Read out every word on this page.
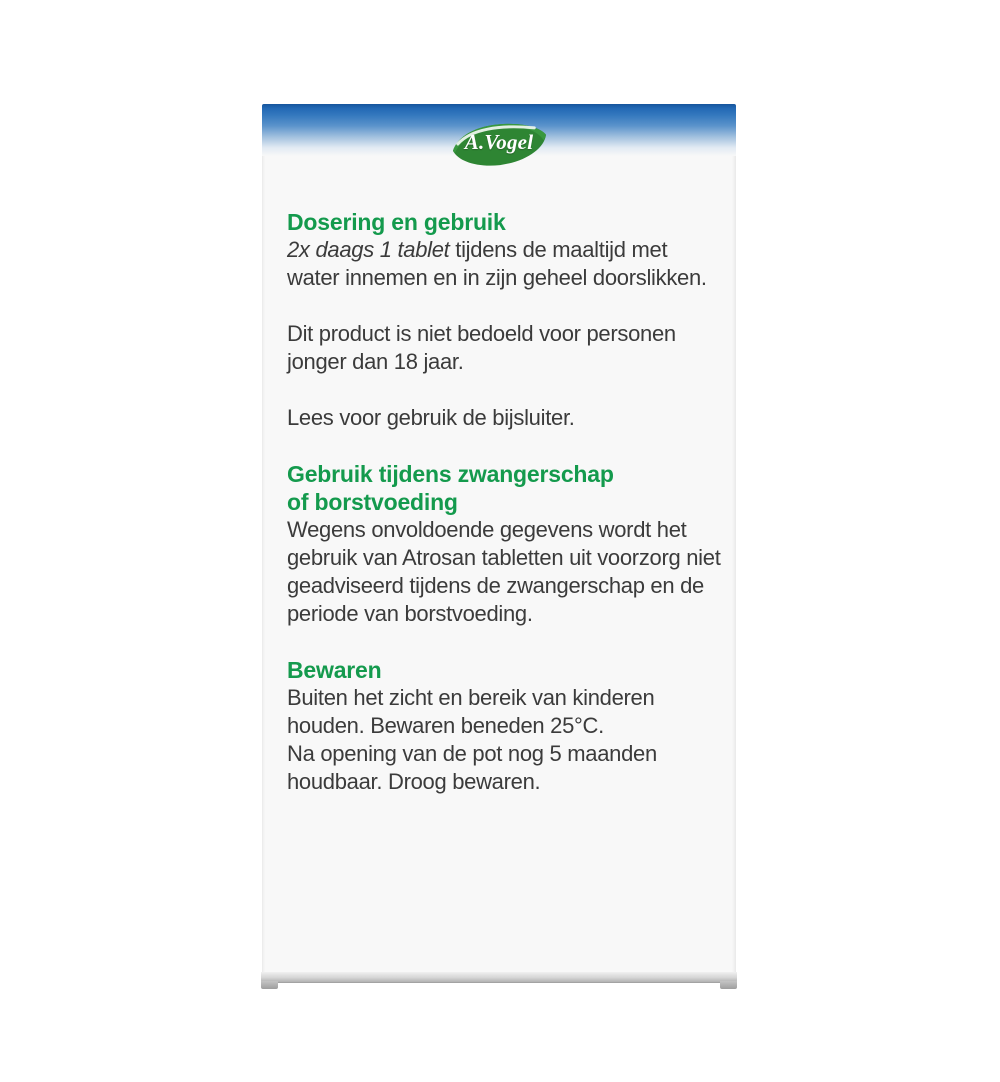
A.Vogel
Dosering en gebruik

2x daags 1 tablet tijdens de maaltijd met water innemen en in zijn geheel doorslikken.

Dit product is niet bedoeld voor personen jonger dan 18 jaar.

Lees voor gebruik de bijsluiter.

Gebruik tijdens zwangerschap
of borstvoeding

Wegens onvoldoende gegevens wordt het gebruik van Atrosan tabletten uit voorzorg niet geadviseerd tijdens de zwangerschap en de periode van borstvoeding.

Bewaren

Buiten het zicht en bereik van kinderen houden. Bewaren beneden 25°C.

Na opening van de pot nog 5 maanden houdbaar. Droog bewaren.
